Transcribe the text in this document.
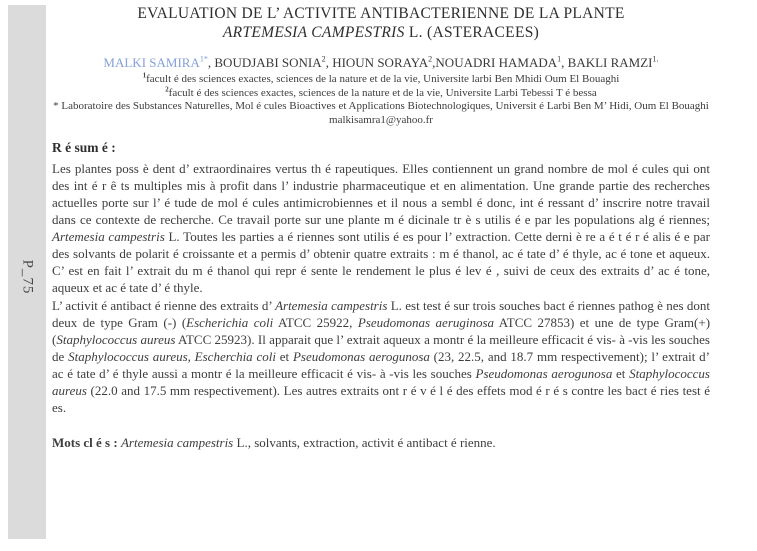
P_75
EVALUATION DE L’ ACTIVITE ANTIBACTERIENNE DE LA PLANTE
ARTEMESIA CAMPESTRIS L. (ASTERACEES)
MALKI $SAMIRA^{1*}$, BOUDJABI SONIA$^2$, HIOUN SORAYA$^2$,NOUADRI HAMADA$^1$, BAKLI $RAMZI^{1.}$

$^1$facult é des sciences exactes, sciences de la nature et de la vie, Universite larbi Ben Mhidi Oum El Bouaghi

$^2$facult é des sciences exactes, sciences de la nature et de la vie, Universite Larbi Tebessi T é bessa

* Laboratoire des Substances Naturelles, Mol é cules Bioactives et Applications Biotechnologiques, Universit é Larbi Ben M’ Hidi, Oum El Bouaghi

malkisamra1@yahoo.fr

R é sum é :

Les plantes poss è dent d’ extraordinaires vertus th é rapeutiques. Elles contiennent un grand nombre de mol é cules qui ont des int é r ê ts multiples mis à profit dans l’ industrie pharmaceutique et en alimentation. Une grande partie des recherches actuelles porte sur l’ é tude de mol é cules antimicrobiennes et il nous a sembl é donc, int é ressant d’ inscrire notre travail dans ce contexte de recherche. Ce travail porte sur une plante m é dicinale tr è s utilis é e par les populations alg é riennes; Artemesia campestris L. Toutes les parties a é riennes sont utilis é es pour l’ extraction. Cette derni è re a é t é r é alis é e par des solvants de polarit é croissante et a permis d’ obtenir quatre extraits : m é thanol, ac é tate d’ é thyle, ac é tone et aqueux. C’ est en fait l’ extrait du m é thanol qui repr é sente le rendement le plus é lev é , suivi de ceux des extraits d’ ac é tone, aqueux et ac é tate d’ é thyle.

L’ activit é antibact é rienne des extraits d’ Artemesia campestris L. est test é sur trois souches bact é riennes pathog è nes dont deux de type Gram (-) (Escherichia coli ATCC 25922, Pseudomonas aeruginosa ATCC 27853) et une de type Gram(+) (Staphylococcus aureus ATCC 25923). Il apparait que l’ extrait aqueux a montr é la meilleure efficacit é vis- à -vis les souches de Staphylococcus aureus, Escherchia coli et Pseudomonas aerogunosa (23, 22.5, and 18.7 mm respectivement); l’ extrait d’ ac é tate d’ é thyle aussi a montr é la meilleure efficacit é vis- à -vis les souches Pseudomonas aerogunosa et Staphylococcus aureus (22.0 and 17.5 mm respectivement). Les autres extraits ont r é v é l é des effets mod é r é s contre les bact é ries test é es.

Mots cl é s : Artemesia campestris L., solvants, extraction, activit é antibact é rienne.
